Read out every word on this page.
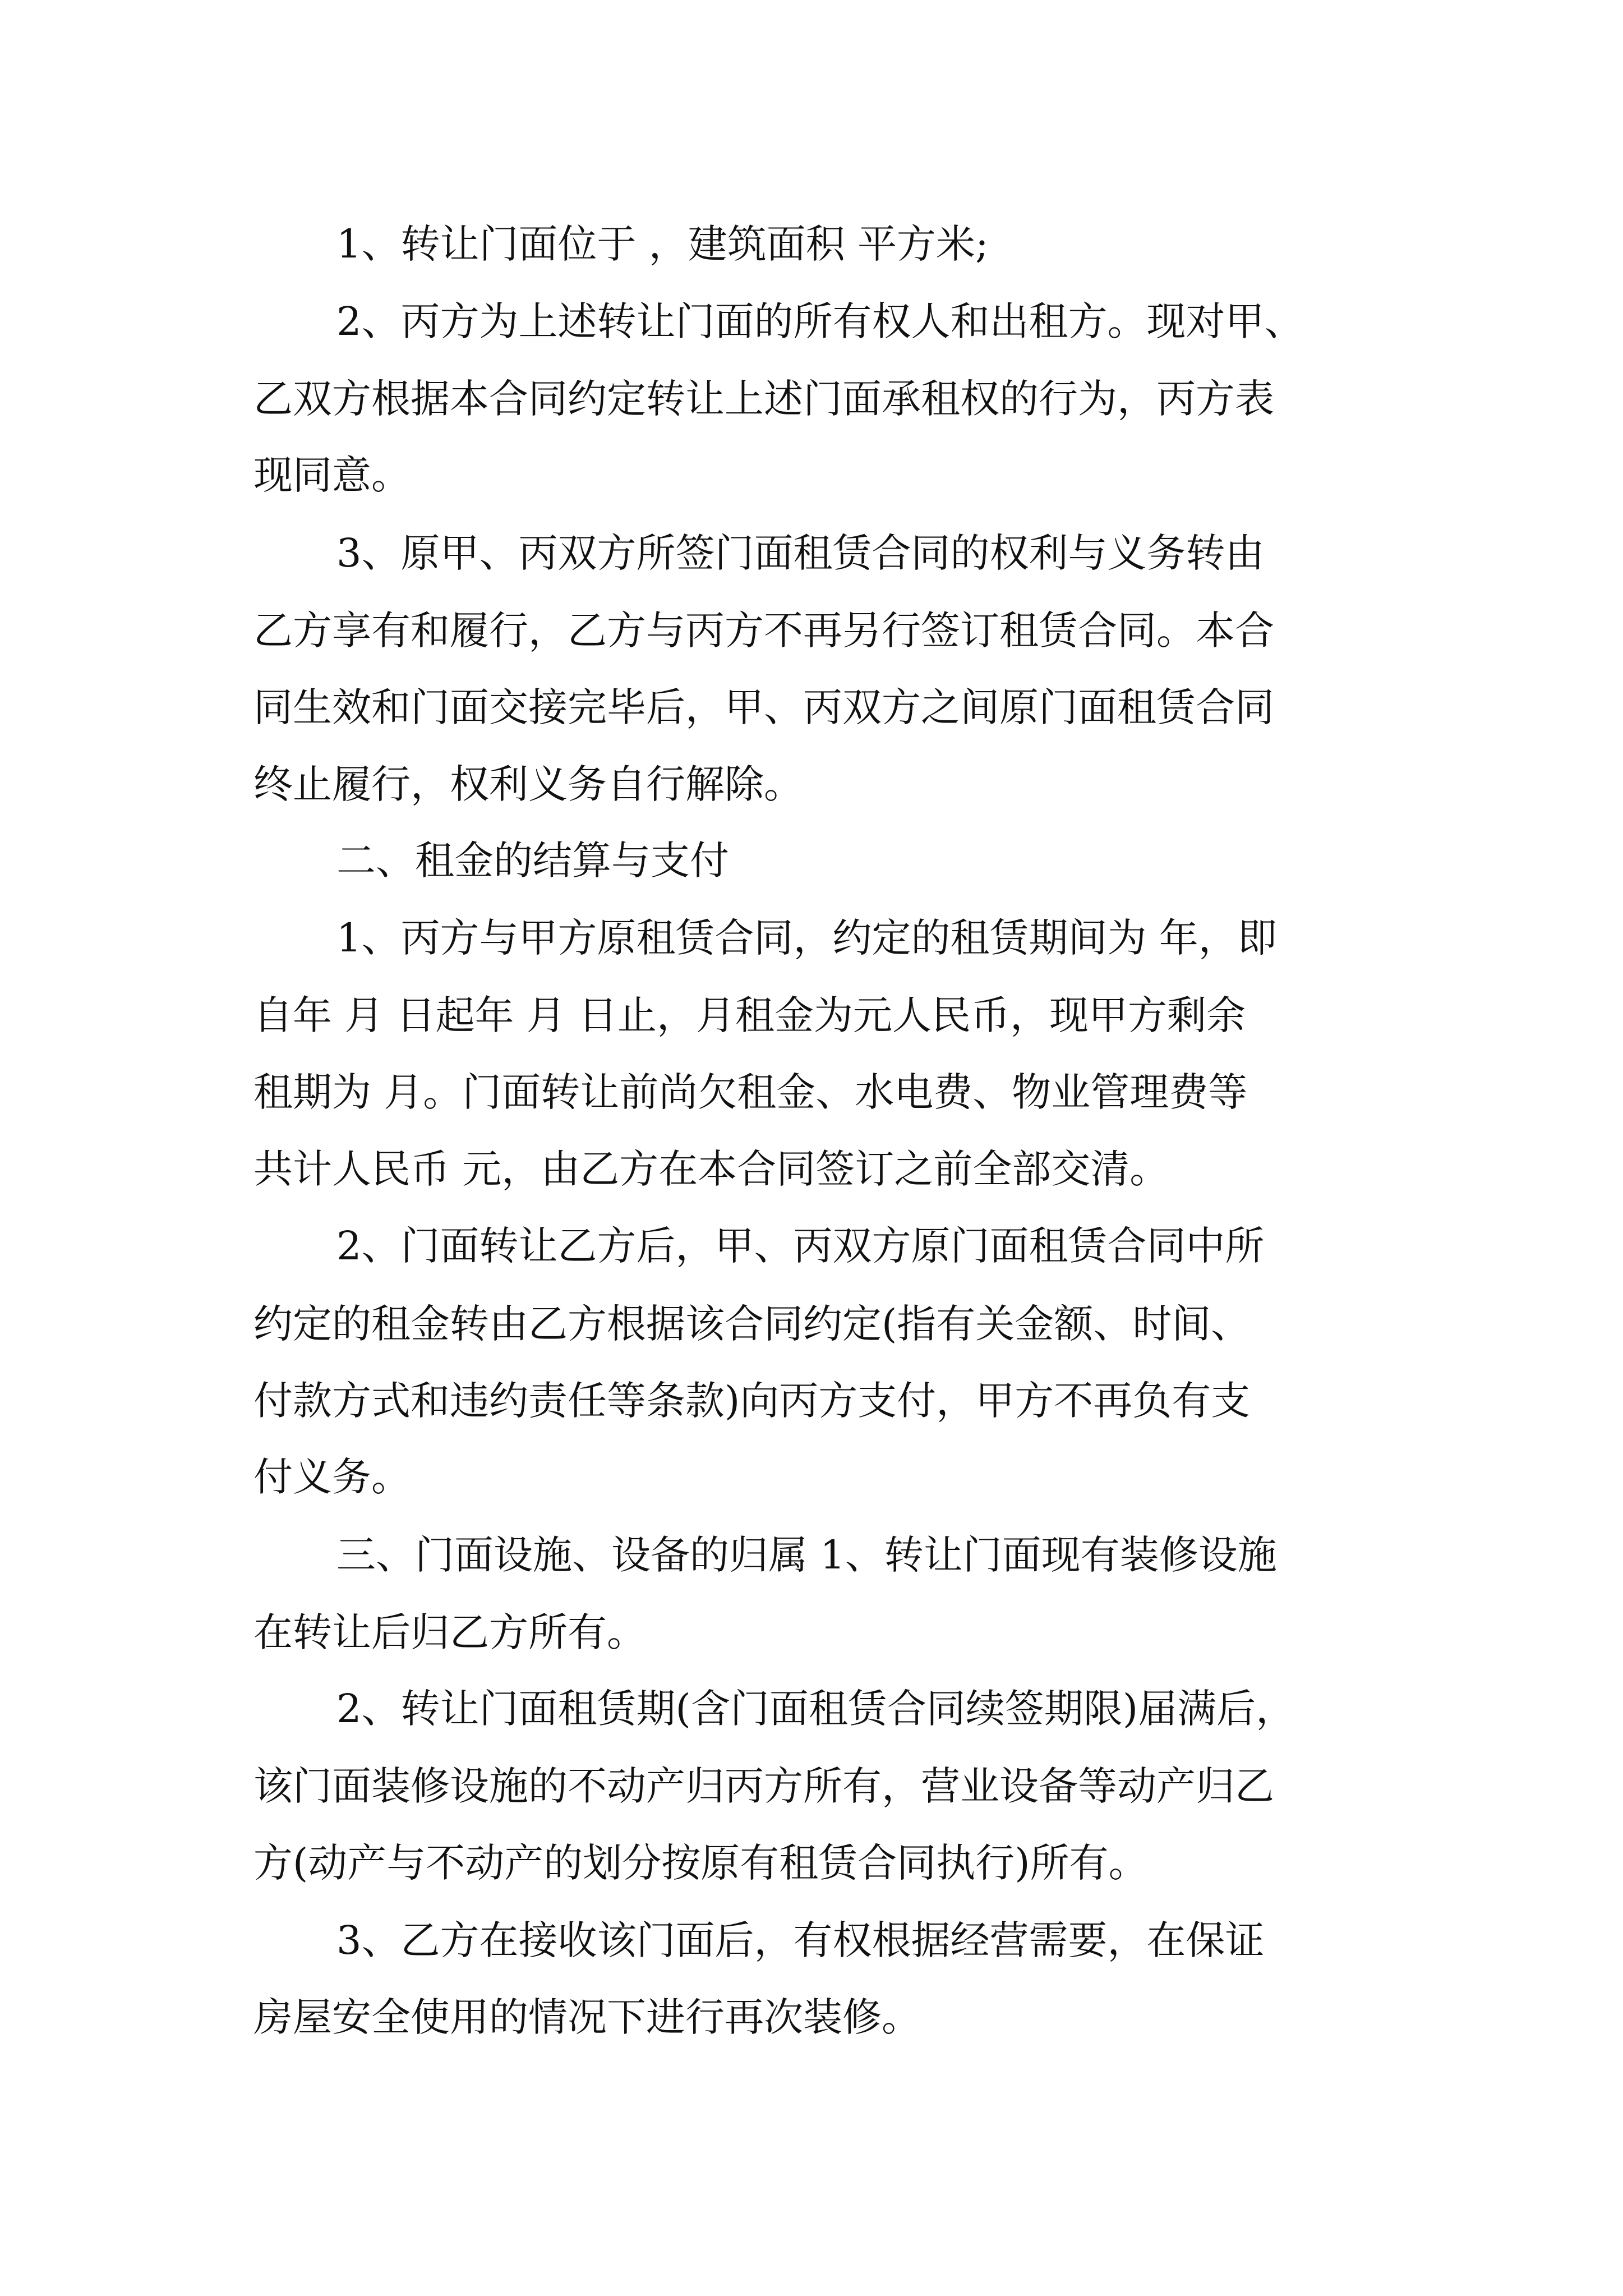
1、转让门面位于 ，建筑面积 平方米;
2、丙方为上述转让门面的所有权人和出租方。现对甲、
乙双方根据本合同约定转让上述门面承租权的行为，丙方表
现同意。
3、原甲、丙双方所签门面租赁合同的权利与义务转由
乙方享有和履行，乙方与丙方不再另行签订租赁合同。本合
同生效和门面交接完毕后，甲、丙双方之间原门面租赁合同
终止履行，权利义务自行解除。
二、租金的结算与支付
1、丙方与甲方原租赁合同，约定的租赁期间为 年，即
自年 月 日起年 月 日止，月租金为元人民币，现甲方剩余
租期为 月。门面转让前尚欠租金、水电费、物业管理费等
共计人民币 元，由乙方在本合同签订之前全部交清。
2、门面转让乙方后，甲、丙双方原门面租赁合同中所
约定的租金转由乙方根据该合同约定(指有关金额、时间、
付款方式和违约责任等条款)向丙方支付，甲方不再负有支
付义务。
三、门面设施、设备的归属 1、转让门面现有装修设施
在转让后归乙方所有。
2、转让门面租赁期(含门面租赁合同续签期限)届满后，
该门面装修设施的不动产归丙方所有，营业设备等动产归乙
方(动产与不动产的划分按原有租赁合同执行)所有。
3、乙方在接收该门面后，有权根据经营需要，在保证
房屋安全使用的情况下进行再次装修。
